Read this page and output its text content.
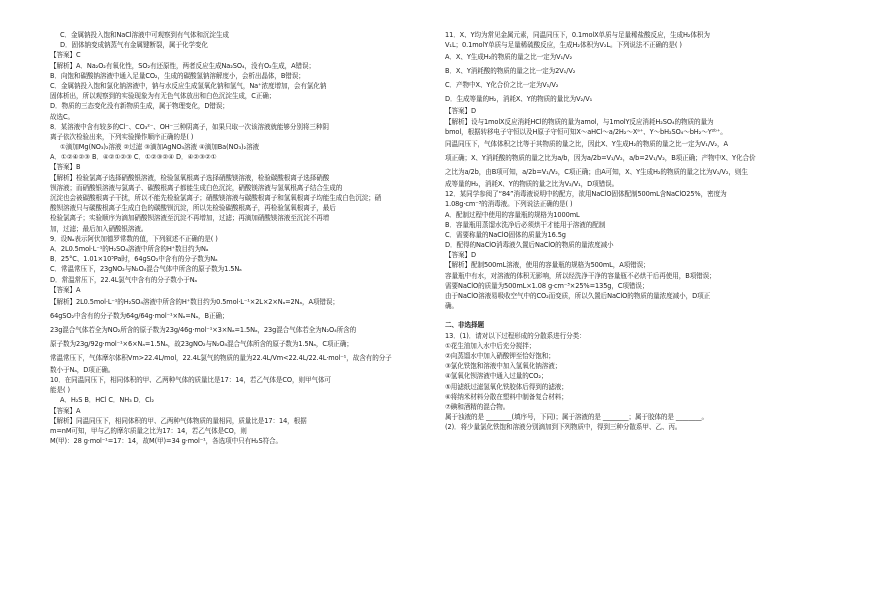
C．金属钠投入饱和NaCl溶液中可观察到有气体和沉淀生成
D．固体钠变成钠蒸气有金属键断裂，属于化学变化
【答案】C
【解析】A．Na₂O₂有氧化性，SO₂有还原性，两者反应生成Na₂SO₄，没有O₂生成，A错误；
B．向饱和碳酸钠溶液中通入足量CO₂，生成的碳酸氢钠溶解度小，会析出晶体，B错误；
C．金属钠投入饱和氯化钠溶液中，钠与水反应生成氢氧化钠和氢气，Na⁺浓度增加，会有氯化钠
固体析出，所以观察到的实验现象为有无色气体放出和白色沉淀生成，C正确；
D．物质的三态变化没有新物质生成，属于物理变化，D错误；
故选C。
8．某溶液中含有较多的Cl⁻、CO₃²⁻、OH⁻三种阴离子，如果只取一次该溶液就能够分别将三种阴
离子依次检验出来，下列实验操作顺序正确的是( )
①滴加Mg(NO₃)₂溶液 ②过滤 ③滴加AgNO₃溶液 ④滴加Ba(NO₃)₂溶液
A．①②④②③ B．④②①②③ C．①②③②④ D．④②③②①
【答案】B
【解析】检验氯离子选择硝酸银溶液，检验氢氧根离子选择硝酸镁溶液，检验碳酸根离子选择硝酸
钡溶液；而硝酸银溶液与氯离子、碳酸根离子都能生成白色沉淀，硝酸镁溶液与氢氧根离子结合生成的
沉淀也会被碳酸根离子干扰，所以不能先检验氯离子；硝酸镁溶液与碳酸根离子和氢氧根离子均能生成白色沉淀；硝
酸钡溶液只与碳酸根离子生成白色的碳酸钡沉淀，所以先检验碳酸根离子，再检验氢氧根离子，最后
检验氯离子；实验顺序为滴加硝酸钡溶液至沉淀不再增加，过滤；再滴加硝酸镁溶液至沉淀不再增
加，过滤；最后加入硝酸银溶液。
9．设Nₐ表示阿伏加德罗常数的值，下列叙述不正确的是( )
A．2L0.5mol·L⁻¹的H₂SO₄溶液中所含的H⁺数目约为Nₐ
B．25°C、1.01×10⁵Pa时，64gSO₂中含有的分子数为Nₐ
C．常温常压下，23gNO₂与N₂O₄混合气体中所含的原子数为1.5Nₐ
D．常温常压下，22.4L氯气中含有的分子数小于Nₐ
【答案】A
【解析】2L0.5mol·L⁻¹的H₂SO₄溶液中所含的H⁺数目约为0.5mol·L⁻¹×2L×2×Nₐ=2Nₐ，A项错误；
64gSO₂中含有的分子数为64g/64g·mol⁻¹×Nₐ=Nₐ，B正确；
23g混合气体若全为NO₂所含的原子数为23g/46g·mol⁻¹×3×Nₐ=1.5Nₐ，23g混合气体若全为N₂O₄所含的
原子数为23g/92g·mol⁻¹×6×Nₐ=1.5Nₐ，故23gNO₂与N₂O₄混合气体所含的原子数为1.5Nₐ，C项正确；
常温常压下，气体摩尔体积Vm>22.4L/mol，22.4L氯气的物质的量为22.4L/Vm<22.4L/22.4L·mol⁻¹，故含有的分子
数小于Nₐ，D项正确。
10．在同温同压下，相同体积的甲、乙两种气体的质量比是17：14，若乙气体是CO，则甲气体可
能是( )
A．H₂S B．HCl C．NH₃ D．Cl₂
【答案】A
【解析】同温同压下，相同体积的甲、乙两种气体物质的量相同，质量比是17：14，根据
m=nM可知，甲与乙的摩尔质量之比为17：14，若乙气体是CO，则
M(甲)：28 g·mol⁻¹=17：14，故M(甲)=34 g·mol⁻¹，各选项中只有H₂S符合。
11．X、Y均为常见金属元素，同温同压下，0.1molX单质与足量稀盐酸反应，生成H₂体积为
V₁L；0.1molY单质与足量稀硫酸反应，生成H₂体积为V₂L。下列说法不正确的是( )
A．X、Y生成H₂的物质的量之比一定为V₁/V₂
B．X、Y消耗酸的物质的量之比一定为2V₁/V₂
C．产物中X、Y化合价之比一定为V₁/V₂
D．生成等量的H₂，消耗X、Y的物质的量比为V₂/V₁
【答案】D
【解析】设与1molX反应消耗HCl的物质的量为amol，与1molY反应消耗H₂SO₄的物质的量为
bmol，根据转移电子守恒以及H原子守恒可知X～aHCl～a/2H₂～Xᵃ⁺、Y～bH₂SO₄～bH₂～Y²ᵇ⁺。
同温同压下，气体体积之比等于其物质的量之比，因此X、Y生成H₂的物质的量之比一定为V₁/V₂，A
项正确；X、Y消耗酸的物质的量之比为a/b，因为a/2b=V₁/V₂，a/b=2V₁/V₂，B项正确；产物中X、Y化合价
之比为a/2b，由B项可知，a/2b=V₁/V₂，C项正确；由A可知，X、Y生成H₂的物质的量之比为V₁/V₂，则生
成等量的H₂，消耗X、Y的物质的量之比为V₂/V₁，D项错误。
12．某同学参阅了“84”消毒液说明中的配方，欲用NaClO固体配制500mL含NaClO25%，密度为
1.08g·cm⁻³的消毒液。下列说法正确的是( )
A．配制过程中使用的容量瓶的规格为1000mL
B．容量瓶用蒸馏水洗净后必须烘干才能用于溶液的配制
C．需要称量的NaClO固体的质量为16.5g
D．配得的NaClO消毒液久置后NaClO的物质的量浓度减小
【答案】D
【解析】配制500mL溶液，使用的容量瓶的规格为500mL，A项错误；
容量瓶中有水，对溶液的体积无影响，所以经洗净干净的容量瓶不必烘干后再使用，B项错误；
需要NaClO的质量为500mL×1.08 g·cm⁻³×25%=135g，C项错误；
由于NaClO溶液易吸收空气中的CO₂而变质，所以久置后NaClO的物质的量浓度减小，D项正
确。
二、非选择题
13．(1)．请对以下过程形成的分散系进行分类：
①花生油加入水中后充分搅拌；
②向蒸馏水中加入硝酸钾至恰好饱和；
③氯化铁饱和溶液中加入氢氧化钠溶液；
④氢氧化钡溶液中通入过量的CO₂；
⑤用滤纸过滤氢氧化铁胶体后得到的滤液；
⑥将纳米材料分散在塑料中制备复合材料；
⑦碘和酒精的混合物。
属于浊液的是 ________(填序号，下同)；属于溶液的是 ________；属于胶体的是 ________。
(2)．将少量氯化铁饱和溶液分别滴加到下列物质中，得到三种分散系甲、乙、丙。
